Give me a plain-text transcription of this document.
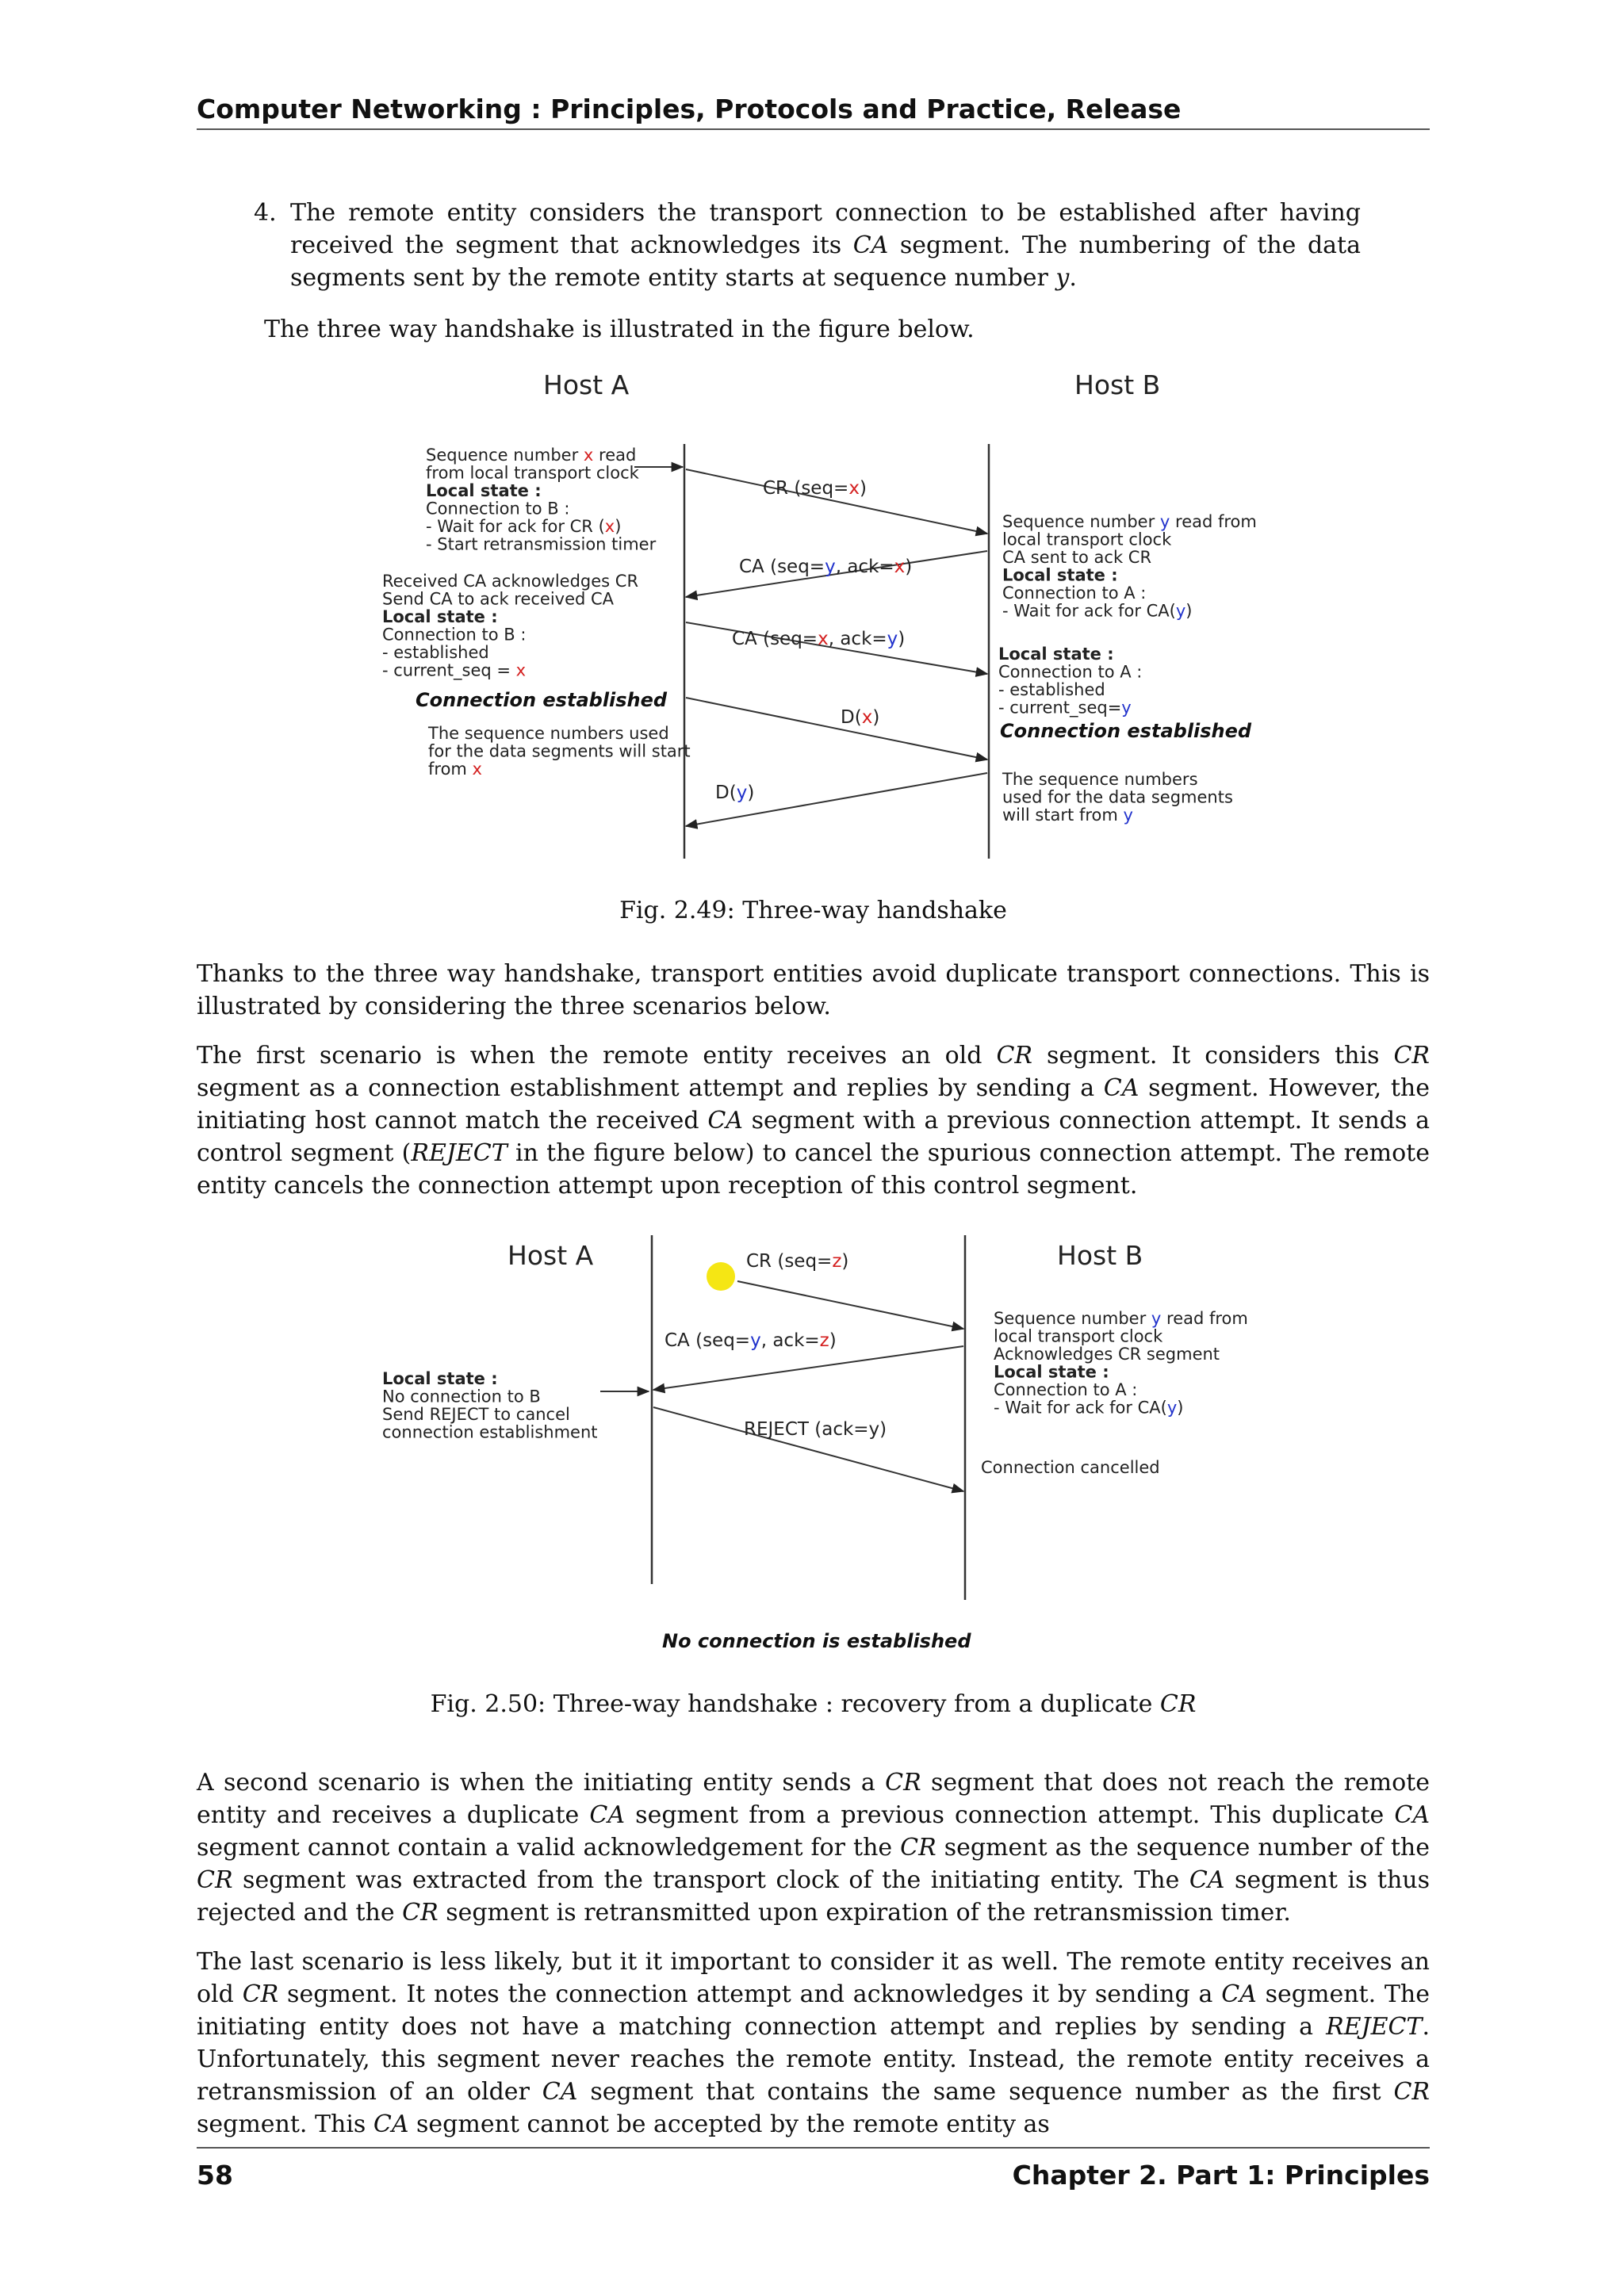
Computer Networking : Principles, Protocols and Practice, Release
4. The remote entity considers the transport connection to be established after having received the segment that acknowledges its CA segment. The numbering of the data segments sent by the remote entity starts at sequence number y.
The three way handshake is illustrated in the figure below.
Host A	Host B
CR (seq=x)
CA (seq=y, ack=x)
CA (seq=x, ack=y)
D(x)
D(y)
Sequence number x read
from local transport clock
Local state :
Connection to B :
- Wait for ack for CR (x)
- Start retransmission timer
Received CA acknowledges CR
Send CA to ack received CA
Local state :
Connection to B :
- established
- current_seq = x
Connection established
The sequence numbers used
for the data segments will start
from x
Sequence number y read from
local transport clock
CA sent to ack CR
Local state :
Connection to A :
- Wait for ack for CA(y)
Local state :
Connection to A :
- established
- current_seq=y
Connection established
The sequence numbers
used for the data segments
will start from y
Fig. 2.49: Three-way handshake
Thanks to the three way handshake, transport entities avoid duplicate transport connections. This is illustrated by considering the three scenarios below.
The first scenario is when the remote entity receives an old CR segment. It considers this CR segment as a connection establishment attempt and replies by sending a CA segment. However, the initiating host cannot match the received CA segment with a previous connection attempt. It sends a control segment (REJECT in the figure below) to cancel the spurious connection attempt. The remote entity cancels the connection attempt upon reception of this control segment.
Host A	Host B
CR (seq=z)
CA (seq=y, ack=z)
REJECT (ack=y)
Local state :
No connection to B
Send REJECT to cancel
connection establishment
Sequence number y read from
local transport clock
Acknowledges CR segment
Local state :
Connection to A :
- Wait for ack for CA(y)
Connection cancelled
No connection is established
Fig. 2.50: Three-way handshake : recovery from a duplicate CR
A second scenario is when the initiating entity sends a CR segment that does not reach the remote entity and receives a duplicate CA segment from a previous connection attempt. This duplicate CA segment cannot contain a valid acknowledgement for the CR segment as the sequence number of the CR segment was extracted from the transport clock of the initiating entity. The CA segment is thus rejected and the CR segment is retransmitted upon expiration of the retransmission timer.
The last scenario is less likely, but it it important to consider it as well. The remote entity receives an old CR segment. It notes the connection attempt and acknowledges it by sending a CA segment. The initiating entity does not have a matching connection attempt and replies by sending a REJECT. Unfortunately, this segment never reaches the remote entity. Instead, the remote entity receives a retransmission of an older CA segment that contains the same sequence number as the first CR segment. This CA segment cannot be accepted by the remote entity as
58	Chapter 2. Part 1: Principles
